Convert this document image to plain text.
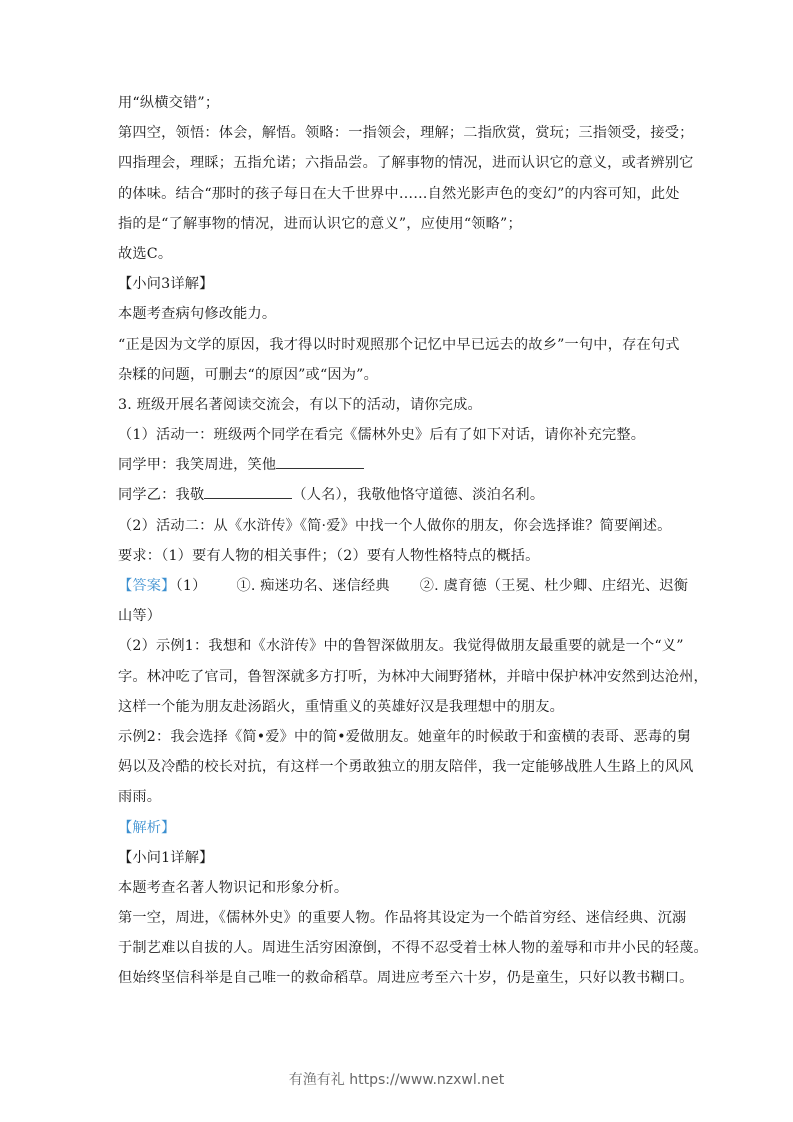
用“纵横交错”；
第四空，领悟：体会，解悟。领略：一指领会，理解；二指欣赏，赏玩；三指领受，接受；
四指理会，理睬；五指允诺；六指品尝。了解事物的情况，进而认识它的意义，或者辨别它
的体味。结合“那时的孩子每日在大千世界中……自然光影声色的变幻”的内容可知，此处
指的是“了解事物的情况，进而认识它的意义”，应使用“领略”；
故选C。
【小问3详解】
本题考查病句修改能力。
“正是因为文学的原因，我才得以时时观照那个记忆中早已远去的故乡”一句中，存在句式
杂糅的问题，可删去“的原因”或“因为”。
3. 班级开展名著阅读交流会，有以下的活动，请你完成。
（1）活动一：班级两个同学在看完《儒林外史》后有了如下对话，请你补充完整。
同学甲：我笑周进，笑他
同学乙：我敬	（人名），我敬他恪守道德、淡泊名利。
（2）活动二：从《水浒传》《简·爱》中找一个人做你的朋友，你会选择谁？简要阐述。
要求：（1）要有人物的相关事件；（2）要有人物性格特点的概括。
【答案】（1） ①. 痴迷功名、迷信经典 ②. 虞育德（王冕、杜少卿、庄绍光、迟衡
山等）
（2）示例1：我想和《水浒传》中的鲁智深做朋友。我觉得做朋友最重要的就是一个“义”
字。林冲吃了官司，鲁智深就多方打听，为林冲大闹野猪林，并暗中保护林冲安然到达沧州，
这样一个能为朋友赴汤蹈火，重情重义的英雄好汉是我理想中的朋友。
示例2：我会选择《简•爱》中的简•爱做朋友。她童年的时候敢于和蛮横的表哥、恶毒的舅
妈以及冷酷的校长对抗，有这样一个勇敢独立的朋友陪伴，我一定能够战胜人生路上的风风
雨雨。
【解析】
【小问1详解】
本题考查名著人物识记和形象分析。
第一空，周进，《儒林外史》的重要人物。作品将其设定为一个皓首穷经、迷信经典、沉溺
于制艺难以自拔的人。周进生活穷困潦倒，不得不忍受着士林人物的羞辱和市井小民的轻蔑。
但始终坚信科举是自己唯一的救命稻草。周进应考至六十岁，仍是童生，只好以教书糊口。
有渔有礼 https://www.nzxwl.net
